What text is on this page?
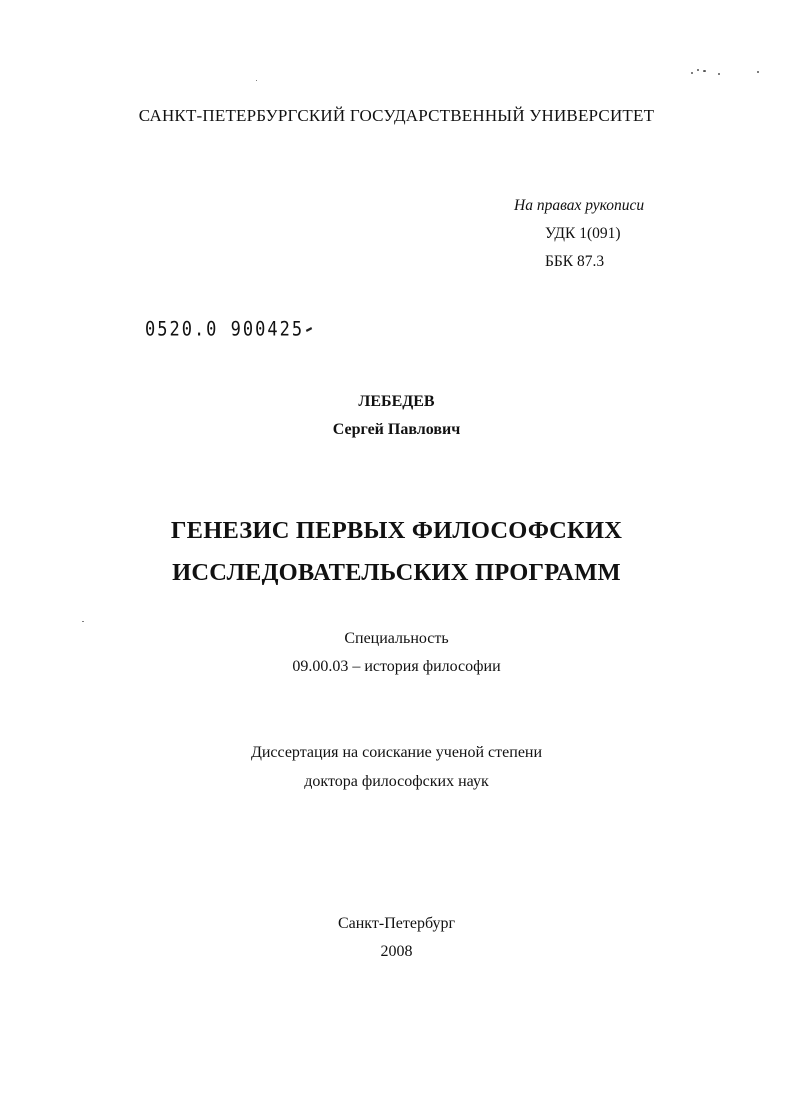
САНКТ-ПЕТЕРБУРГСКИЙ ГОСУДАРСТВЕННЫЙ УНИВЕРСИТЕТ
На правах рукописи
УДК 1(091)
ББК 87.3
0520.0 900425
ЛЕБЕДЕВ
Сергей Павлович
ГЕНЕЗИС ПЕРВЫХ ФИЛОСОФСКИХ
ИССЛЕДОВАТЕЛЬСКИХ ПРОГРАММ
Специальность
09.00.03 – история философии
Диссертация на соискание ученой степени
доктора философских наук
Санкт-Петербург
2008
